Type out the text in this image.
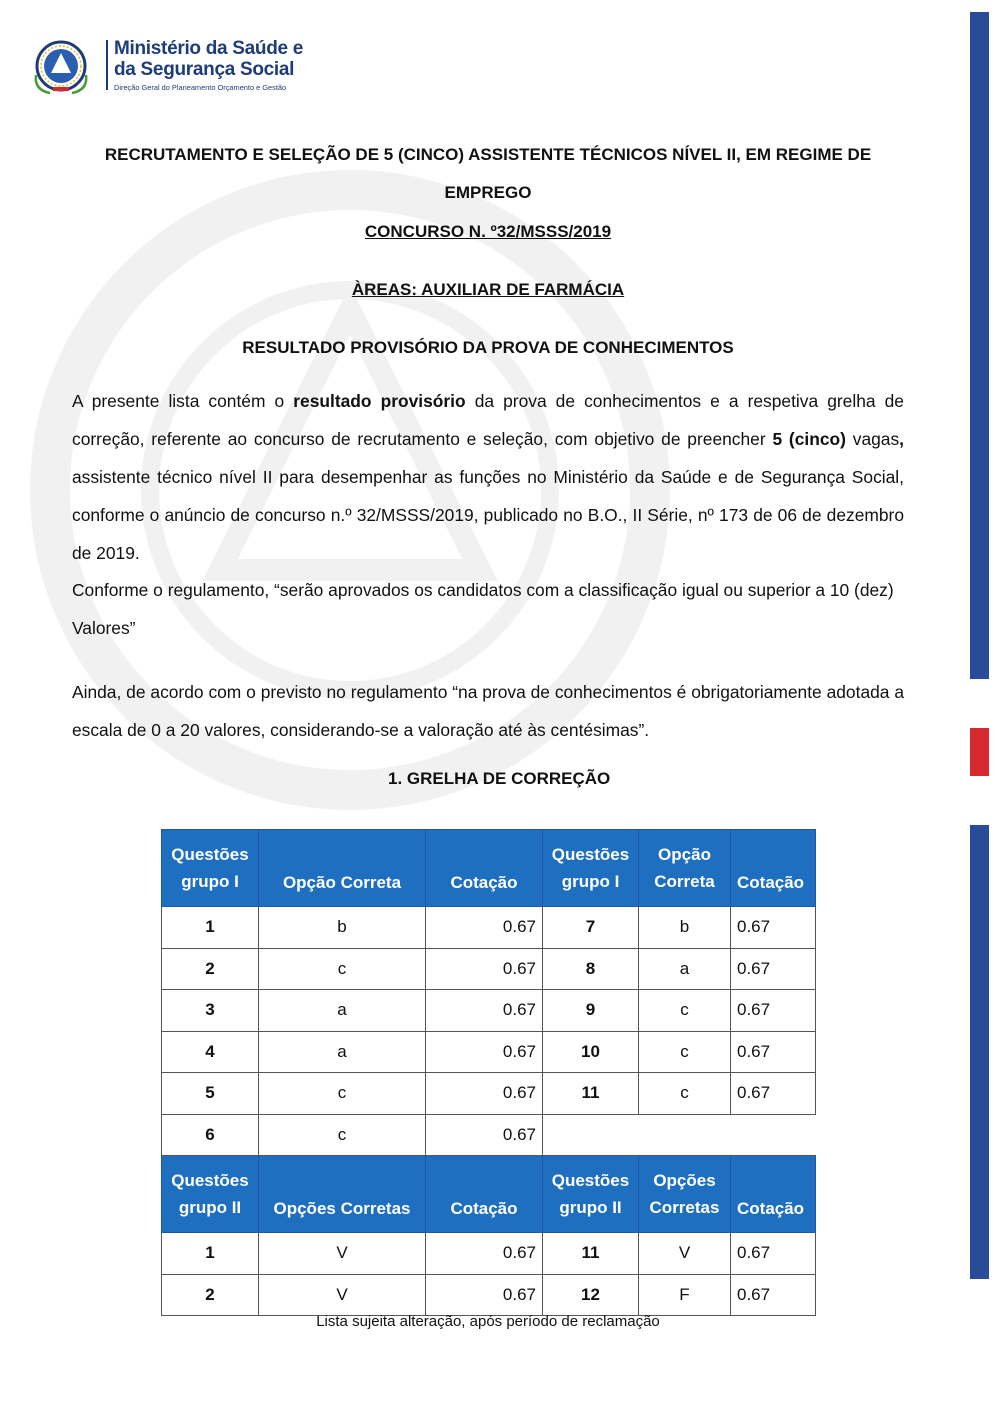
Ministério da Saúde e
da Segurança Social
Direção Geral do Planeamento Orçamento e Gestão
RECRUTAMENTO E SELEÇÃO DE 5 (CINCO) ASSISTENTE TÉCNICOS NÍVEL II, EM REGIME DE
EMPREGO
CONCURSO N. º32/MSSS/2019
ÀREAS: AUXILIAR DE FARMÁCIA
RESULTADO PROVISÓRIO DA PROVA DE CONHECIMENTOS
A presente lista contém o resultado provisório da prova de conhecimentos e a respetiva grelha de correção, referente ao concurso de recrutamento e seleção, com objetivo de preencher 5 (cinco) vagas, assistente técnico nível II para desempenhar as funções no Ministério da Saúde e de Segurança Social, conforme o anúncio de concurso n.º 32/MSSS/2019, publicado no B.O., II Série, nº 173 de 06 de dezembro de 2019.
Conforme o regulamento, “serão aprovados os candidatos com a classificação igual ou superior a 10 (dez) Valores”
Ainda, de acordo com o previsto no regulamento “na prova de conhecimentos é obrigatoriamente adotada a escala de 0 a 20 valores, considerando-se a valoração até às centésimas”.
1. GRELHA DE CORREÇÃO
Questões grupo I	Opção Correta	Cotação	Questões grupo I	Opção Correta	Cotação
1	b	0.67	7	b	0.67
2	c	0.67	8	a	0.67
3	a	0.67	9	c	0.67
4	a	0.67	10	c	0.67
5	c	0.67	11	c	0.67
6	c	0.67			
Questões grupo II	Opções Corretas	Cotação	Questões grupo II	Opções Corretas	Cotação
1	V	0.67	11	V	0.67
2	V	0.67	12	F	0.67
Lista sujeita alteração, após período de reclamação
